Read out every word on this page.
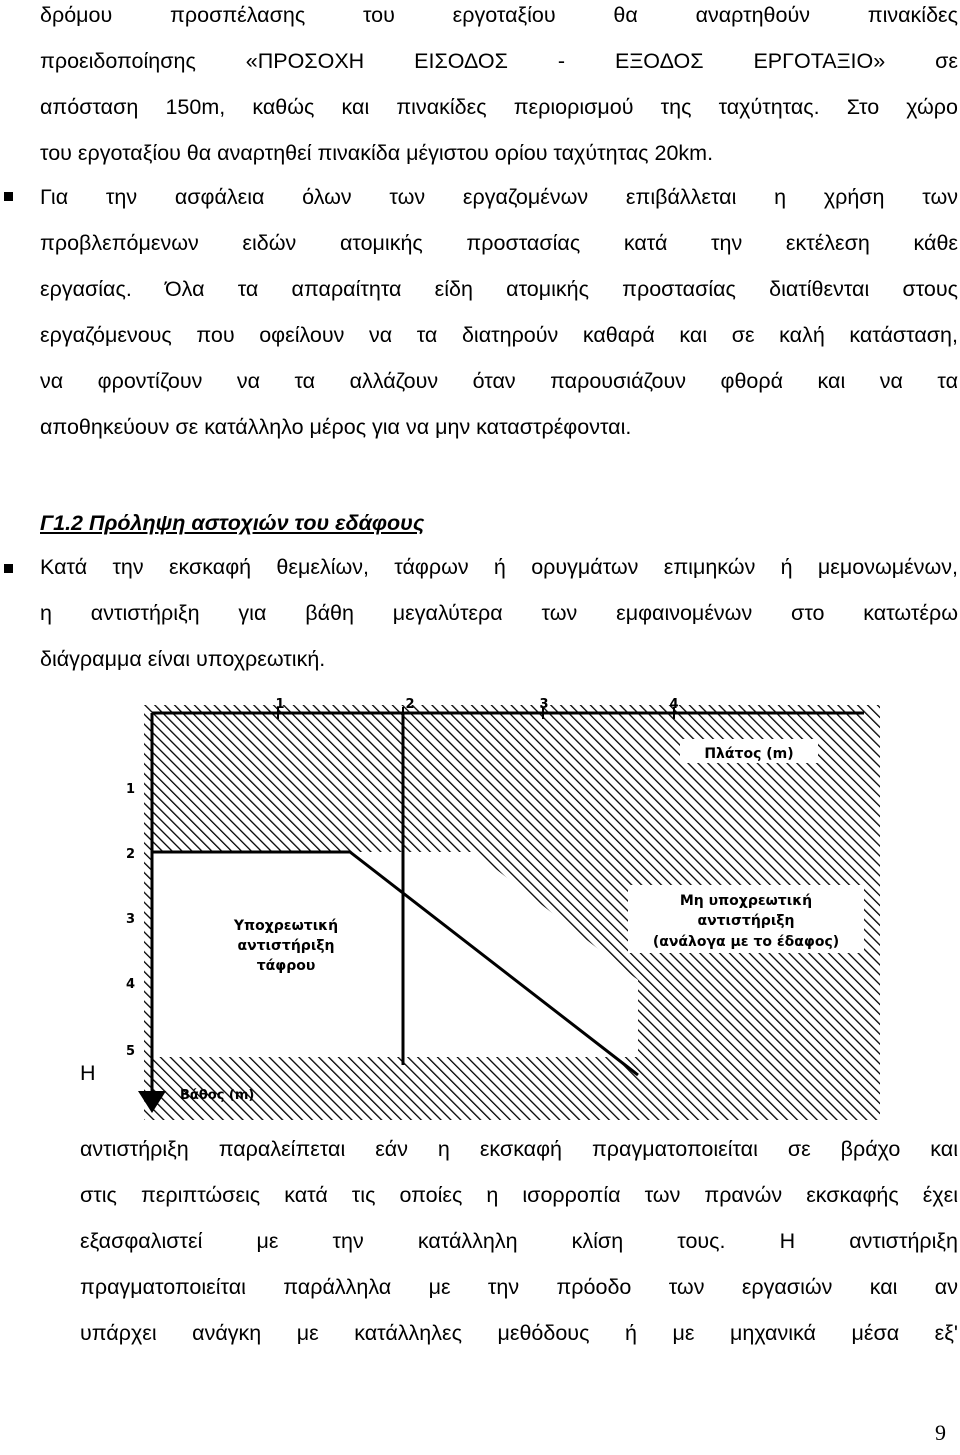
δρόμου προσπέλασης του εργοταξίου θα αναρτηθούν πινακίδες
προειδοποίησης «ΠΡΟΣΟΧΗ ΕΙΣΟΔΟΣ - ΕΞΟΔΟΣ ΕΡΓΟΤΑΞΙΟ» σε
απόσταση 150m, καθώς και πινακίδες περιορισμού της ταχύτητας. Στο χώρο
του εργοταξίου θα αναρτηθεί πινακίδα μέγιστου ορίου ταχύτητας 20km.
Για την ασφάλεια όλων των εργαζομένων επιβάλλεται η χρήση των
προβλεπόμενων ειδών ατομικής προστασίας κατά την εκτέλεση κάθε
εργασίας. Όλα τα απαραίτητα είδη ατομικής προστασίας διατίθενται στους
εργαζόμενους που οφείλουν να τα διατηρούν καθαρά και σε καλή κατάσταση,
να φροντίζουν να τα αλλάζουν όταν παρουσιάζουν φθορά και να τα
αποθηκεύουν σε κατάλληλο μέρος για να μην καταστρέφονται.
Γ1.2 Πρόληψη αστοχιών του εδάφους
Κατά την εκσκαφή θεμελίων, τάφρων ή ορυγμάτων επιμηκών ή μεμονωμένων,
η αντιστήριξη για βάθη μεγαλύτερα των εμφαινομένων στο κατωτέρω
διάγραμμα είναι υποχρεωτική.
1	2	3	4
1
2
3
4
5
Πλάτος (m)
Βάθος (m)
Υποχρεωτική
αντιστήριξη
τάφρου
Μη υποχρεωτική
αντιστήριξη
(ανάλογα με το έδαφος)
Η
αντιστήριξη παραλείπεται εάν η εκσκαφή πραγματοποιείται σε βράχο και
στις περιπτώσεις κατά τις οποίες η ισορροπία των πρανών εκσκαφής έχει
εξασφαλιστεί με την κατάλληλη κλίση τους. Η αντιστήριξη
πραγματοποιείται παράλληλα με την πρόοδο των εργασιών και αν
υπάρχει ανάγκη με κατάλληλες μεθόδους ή με μηχανικά μέσα εξ'
9
